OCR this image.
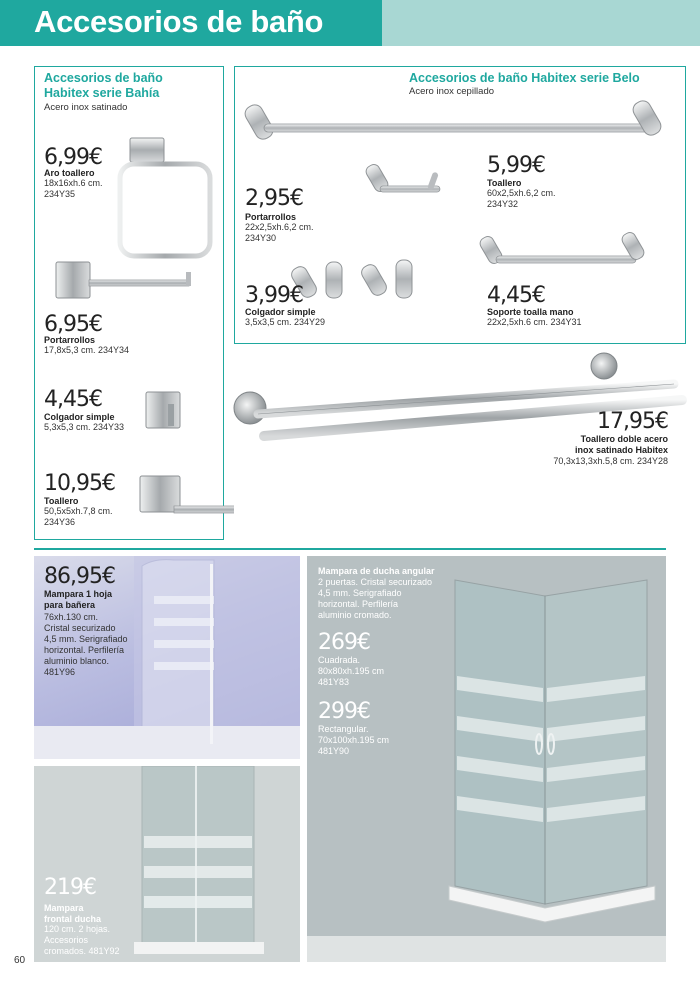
Accesorios de baño
Accesorios de baño
Habitex serie Bahía
Acero inox satinado
6,99€
Aro toallero
18x16xh.6 cm.
234Y35
6,95€
Portarrollos
17,8x5,3 cm. 234Y34
4,45€
Colgador simple
5,3x5,3 cm. 234Y33
10,95€
Toallero
50,5x5xh.7,8 cm.
234Y36
Accesorios de baño Habitex serie Belo
Acero inox cepillado
2,95€
Portarrollos
22x2,5xh.6,2 cm.
234Y30
5,99€
Toallero
60x2,5xh.6,2 cm.
234Y32
3,99€
Colgador simple
3,5x3,5 cm. 234Y29
4,45€
Soporte toalla mano
22x2,5xh.6 cm. 234Y31
17,95€
Toallero doble acero
inox satinado Habitex
70,3x13,3xh.5,8 cm. 234Y28
86,95€
Mampara 1 hoja
para bañera
76xh.130 cm.
Cristal securizado
4,5 mm. Serigrafiado
horizontal. Perfilería
aluminio blanco.
481Y96
219€
Mampara
frontal ducha
120 cm. 2 hojas.
Accesorios
cromados. 481Y92
Mampara de ducha angular
2 puertas. Cristal securizado
4,5 mm. Serigrafiado
horizontal. Perfilería
aluminio cromado.
269€
Cuadrada.
80x80xh.195 cm
481Y83
299€
Rectangular.
70x100xh.195 cm
481Y90
60
